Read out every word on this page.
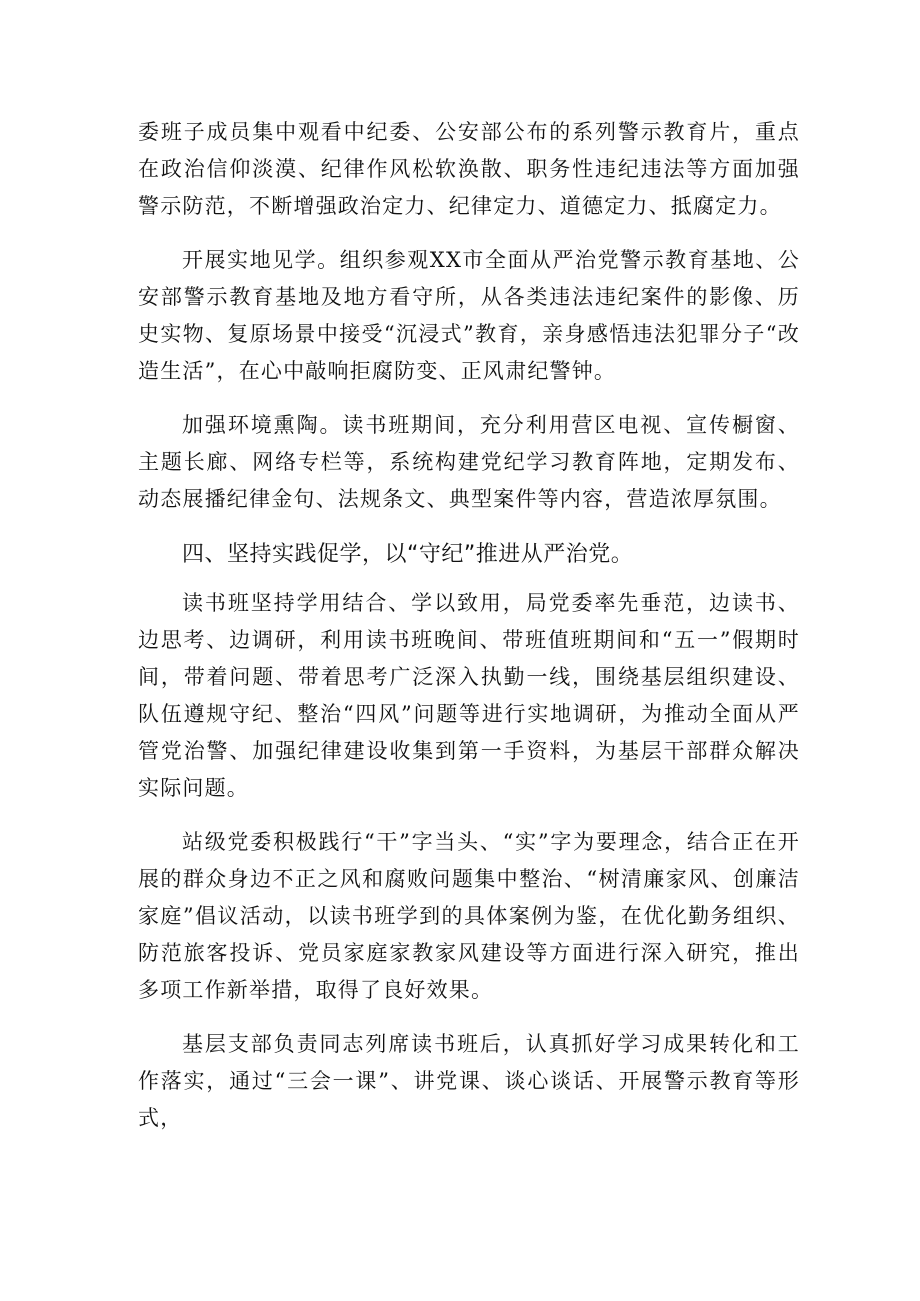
委班子成员集中观看中纪委、公安部公布的系列警示教育片，重点在政治信仰淡漠、纪律作风松软涣散、职务性违纪违法等方面加强警示防范，不断增强政治定力、纪律定力、道德定力、抵腐定力。

开展实地见学。组织参观XX市全面从严治党警示教育基地、公安部警示教育基地及地方看守所，从各类违法违纪案件的影像、历史实物、复原场景中接受“沉浸式”教育，亲身感悟违法犯罪分子“改造生活”，在心中敲响拒腐防变、正风肃纪警钟。

加强环境熏陶。读书班期间，充分利用营区电视、宣传橱窗、主题长廊、网络专栏等，系统构建党纪学习教育阵地，定期发布、动态展播纪律金句、法规条文、典型案件等内容，营造浓厚氛围。

四、坚持实践促学，以“守纪”推进从严治党。

读书班坚持学用结合、学以致用，局党委率先垂范，边读书、边思考、边调研，利用读书班晚间、带班值班期间和“五一”假期时间，带着问题、带着思考广泛深入执勤一线，围绕基层组织建设、队伍遵规守纪、整治“四风”问题等进行实地调研，为推动全面从严管党治警、加强纪律建设收集到第一手资料，为基层干部群众解决实际问题。

站级党委积极践行“干”字当头、“实”字为要理念，结合正在开展的群众身边不正之风和腐败问题集中整治、“树清廉家风、创廉洁家庭”倡议活动，以读书班学到的具体案例为鉴，在优化勤务组织、防范旅客投诉、党员家庭家教家风建设等方面进行深入研究，推出多项工作新举措，取得了良好效果。

基层支部负责同志列席读书班后，认真抓好学习成果转化和工作落实，通过“三会一课”、讲党课、谈心谈话、开展警示教育等形式，
